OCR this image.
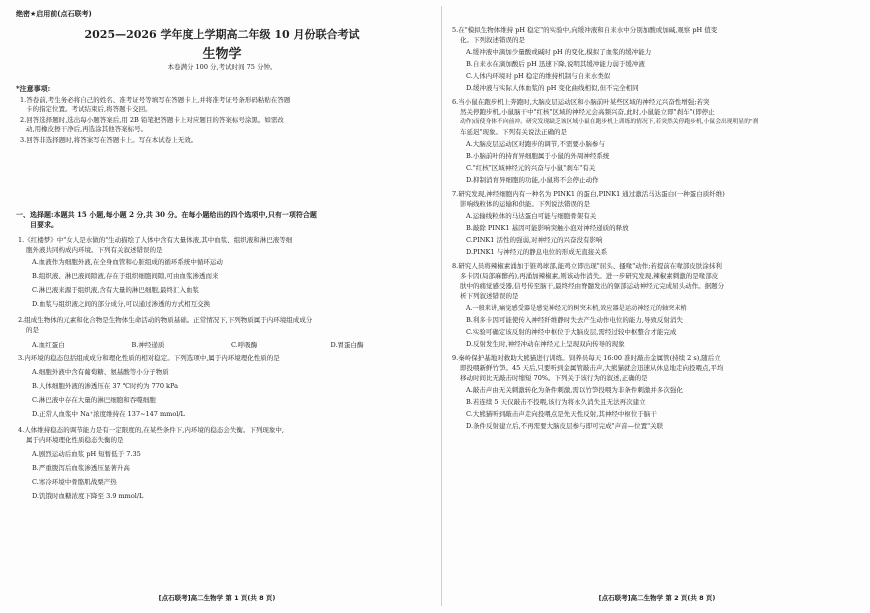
绝密★启用前(点石联考)
2025—2026 学年度上学期高二年级 10 月份联合考试
生物学
本卷满分 100 分,考试时间 75 分钟。
*注意事项:
1.答卷前,考生务必将自己的姓名、准考证号等填写在答题卡上,并将准考证号条形码粘贴在答题
卡的指定位置。考试结束后,将答题卡交回。
2.回答选择题时,选出每小题答案后,用 2B 铅笔把答题卡上对应题目的答案标号涂黑。如需改
动,用橡皮擦干净后,再选涂其他答案标号。
3.回答非选择题时,将答案写在答题卡上。写在本试卷上无效。
一、选择题:本题共 15 小题,每小题 2 分,共 30 分。在每小题给出的四个选项中,只有一项符合题
目要求。
1.《红楼梦》中"女人是水做的"生动描绘了人体中含有大量体液,其中血浆、组织液和淋巴液等细
胞外液共同构成内环境。下列有关叙述错误的是
A.血液作为细胞外液,在全身血管和心脏组成的循环系统中循环运动
B.组织液、淋巴液间隙液,存在于组织细胞间隙,可由血浆渗透而来
C.淋巴液来源于组织液,含有大量的淋巴细胞,最终汇入血浆
D.血浆与组织液之间的部分成分,可以通过渗透的方式相互交换
2.组成生物体的元素和化合物是生物体生命活动的物质基础。正常情况下,下列物质属于内环境组成成分
的是
A.血红蛋白	B.神经递质	C.呼吸酶	D.胃蛋白酶
3.内环境的稳态包括组成成分和理化性质的相对稳定。下列选项中,属于内环境理化性质的是
A.细胞外液中含有葡萄糖、氨基酸等小分子物质
B.人体细胞外液的渗透压在 37 ℃时约为 770 kPa
C.淋巴液中存在大量的淋巴细胞和吞噬细胞
D.正常人血浆中 Na⁺浓度维持在 137~147 mmol/L
4.人体维持稳态的调节能力是有一定限度的,在某些条件下,内环境的稳态会失衡。下列现象中,
属于内环境理化性质稳态失衡的是
A.剧烈运动后血浆 pH 短暂低于 7.35
B.严重腹泻后血浆渗透压显著升高
C.寒冷环境中骨骼肌战栗产热
D.饥饿时血糖浓度下降至 3.9 mmol/L
[点石联考]高二生物学 第 1 页(共 8 页)
5.在"模拟生物体维持 pH 稳定"的实验中,向缓冲液和自来水中分别加酸或加碱,观察 pH 值变
化。下列叙述错误的是
A.缓冲液中滴加少量酸或碱时 pH 的变化,模拟了血浆的缓冲能力
B.自来水在滴加酸后 pH 迅速下降,说明其缓冲能力弱于缓冲液
C.人体内环境对 pH 稳定的维持机制与自来水类似
D.缓冲液与实际人体血浆的 pH 变化曲线相似,但不完全相同
6.当小鼠在跑步机上奔跑时,大脑皮层运动区和小脑前叶某些区域的神经元兴奋性增强;若突
然关停跑步机,小鼠脑干中"红核"区域的神经元会高频兴奋,此时,小鼠能立即"刹车"(即停止
动作)而使身体不向前冲。研究发现缺乏该区域小鼠在跑步机上训练的情况下,若突然关停跑步机,小鼠会出现明显的"刹
车延迟"现象。下列有关说法正确的是
A.大脑皮层运动区对跑步的调节,不需要小脑参与
B.小脑前叶的持育异细胞属于小鼠的外周神经系统
C."红核"区域神经元的兴奋与小鼠"刹车"有关
D.抑制消育异细胞的功能,小鼠将不会停止动作
7.研究发现,神经细胞内有一种名为 PINK1 的蛋白,PINK1 通过激活马达蛋白(一种蛋白质纤维)
影响线粒体的运输和供能。下列说法错误的是
A.运输线粒体的马达蛋白可能与细胞骨架有关
B.敲除 PINK1 基因可能影响突触小泡对神经递质的释放
C.PINK1 活性的强弱,对神经元的兴奋没有影响
D.PINK1 与神经元的静息电位的形成无直接关系
8.研究人员将辣椒素涌加于锥鸡球部,能鸡立即出现"屈头、搔喙"动作;若提前在喙部皮肤涂抹利
多卡因(局部麻醉药),再涌加辣椒素,则该动作消失。进一步研究发现,辣椒素刺激的是喙部皮
肤中的痛觉感受器,信号传至脑干,最终经由脊髓发出的躯部运动神经元完成屈头动作。据题分
析下列叙述错误的是
A.一般来讲,痛觉感受器是感觉神经元的树突末梢,效应器是运动神经元的轴突末梢
B.利多卡因可能使传入神经纤维静时失去产生动作电位的能力,导致反射消失
C.实验可确定该反射的神经中枢位于大脑皮层,需经过较中枢整合才能完成
D.反射发生时,神经冲动在神经元上呈现双向传导的现象
9.秦岭保护基地对救助大熊猫进行训练。饲养员每天 16:00 准时敲击金属管(持续 2 s),随后立
即投喂新鲜竹笋。45 天后,只要听到金属管敲击声,大熊猫就会迅速从休息地走向投喂点,平均
移动时间比无敲击时缩短 70%。下列关于该行为的叙述,正确的是
A.敲击声由无关刺激转化为条件刺激,需以竹笋投喂为非条件刺激并多次强化
B.若连续 5 天仅敲击不投喂,该行为将永久消失且无法再次建立
C.大熊猫听到敲击声走向投喂点是先天性反射,其神经中枢位于脑干
D.条件反射建立后,不再需要大脑皮层参与即可完成"声音—位置"关联
[点石联考]高二生物学 第 2 页(共 8 页)
